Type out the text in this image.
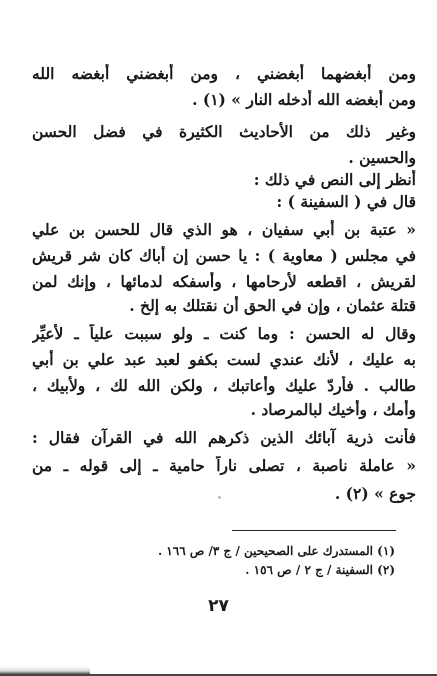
ومن أبغضهما أبغضني ، ومن أبغضني أبغضه الله
ومن أبغضه الله أدخله النار » (١) .
وغير ذلك من الأحاديث الكثيرة في فضل الحسن
والحسين .
أنظر إلى النص في ذلك :
قال في ( السفينة ) :
« عتبة بن أبي سفيان ، هو الذي قال للحسن بن علي
في مجلس ( معاوية ) : يا حسن إن أباك كان شر قريش
لقريش ، اقطعه لأرحامها ، وأسفكه لدمائها ، وإنك لمن
قتلة عثمان ، وإن في الحق أن نقتلك به إلخ .
وقال له الحسن : وما كنت ـ ولو سببت علياً ـ لأُعيِّر
به عليك ، لأنك عندي لست بكفو لعبد عبد علي بن أبي
طالب . فأردّ عليك وأعاتبك ، ولكن الله لك ، ولأبيك ،
وأمك ، وأخيك لبالمرصاد .
فأنت ذرية آبائك الذين ذكرهم الله في القرآن فقال :
« عاملة ناصبة ، تصلى ناراً حامية ـ إلى قوله ـ من
جوع » (٢) .
(١) المستدرك على الصحيحين / ج ٣/ ص ١٦٦ .
(٢) السفينة / ج ٢ / ص ١٥٦ .
٢٧
